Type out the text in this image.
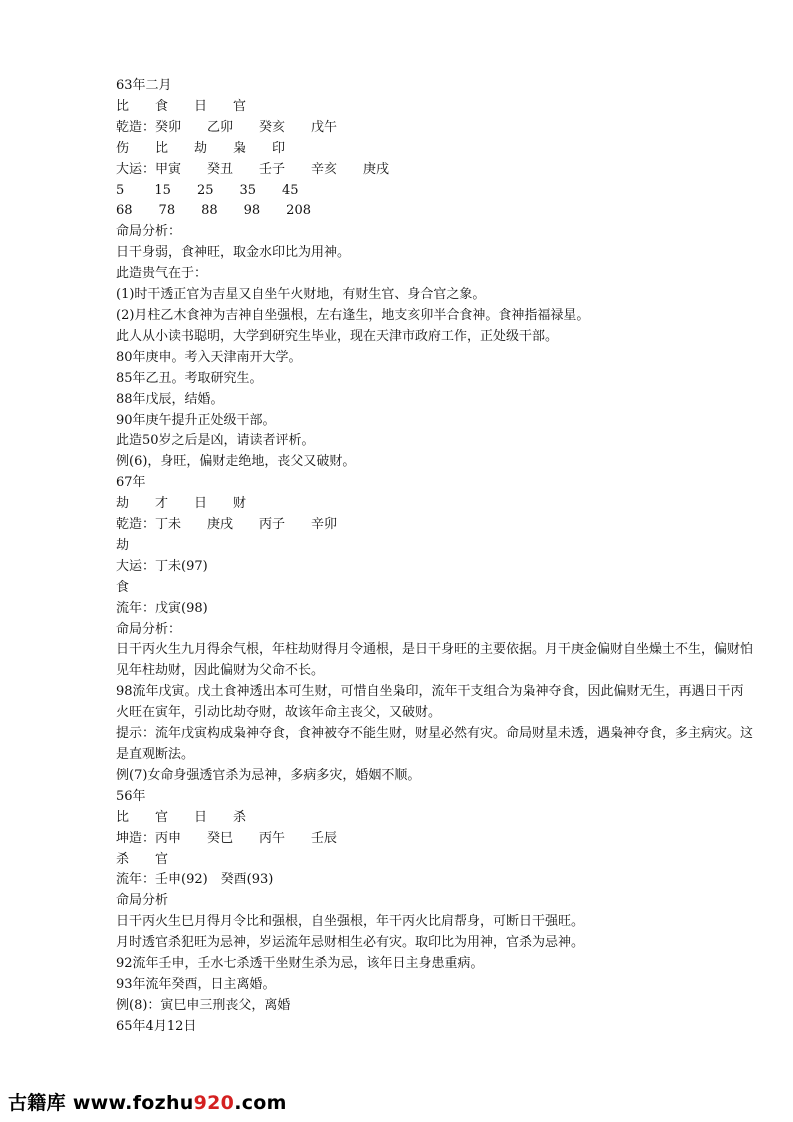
63年二月

比　　食　　日　　官

乾造：癸卯　　乙卯　　癸亥　　戊午

伤　　比　　劫　　枭　　印

大运：甲寅　　癸丑　　壬子　　辛亥　　庚戌

5　　 15　　25　　35　　45

68　　78　　88　　98　　208

命局分析：

日干身弱，食神旺，取金水印比为用神。

此造贵气在于：

(1)时干透正官为吉星又自坐午火财地，有财生官、身合官之象。

(2)月柱乙木食神为吉神自坐强根，左右逢生，地支亥卯半合食神。食神指福禄星。

此人从小读书聪明，大学到研究生毕业，现在天津市政府工作，正处级干部。

80年庚申。考入天津南开大学。

85年乙丑。考取研究生。

88年戊辰，结婚。

90年庚午提升正处级干部。

此造50岁之后是凶，请读者评析。

例(6)，身旺，偏财走绝地，丧父又破财。

67年

劫　　才　　日　　财

乾造：丁未　　庚戌　　丙子　　辛卯

劫

大运：丁未(97)

食

流年：戊寅(98)

命局分析：

日干丙火生九月得余气根，年柱劫财得月令通根，是日干身旺的主要依据。月干庚金偏财自坐燥土不生，偏财怕见年柱劫财，因此偏财为父命不长。

98流年戊寅。戊土食神透出本可生财，可惜自坐枭印，流年干支组合为枭神夺食，因此偏财无生，再遇日干丙火旺在寅年，引动比劫夺财，故该年命主丧父，又破财。

提示：流年戊寅构成枭神夺食，食神被夺不能生财，财星必然有灾。命局财星未透，遇枭神夺食，多主病灾。这是直观断法。

例(7)女命身强透官杀为忌神，多病多灾，婚姻不顺。

56年

比　　官　　日　　杀

坤造：丙申　　癸巳　　丙午　　壬辰

杀　　官

流年：壬申(92)　癸酉(93)

命局分析

日干丙火生巳月得月令比和强根，自坐强根，年干丙火比肩帮身，可断日干强旺。

月时透官杀犯旺为忌神，岁运流年忌财相生必有灾。取印比为用神，官杀为忌神。

92流年壬申，壬水七杀透干坐财生杀为忌，该年日主身患重病。

93年流年癸酉，日主离婚。

例(8)：寅巳申三刑丧父，离婚

65年4月12日

古籍库 www.fozhu920.com
